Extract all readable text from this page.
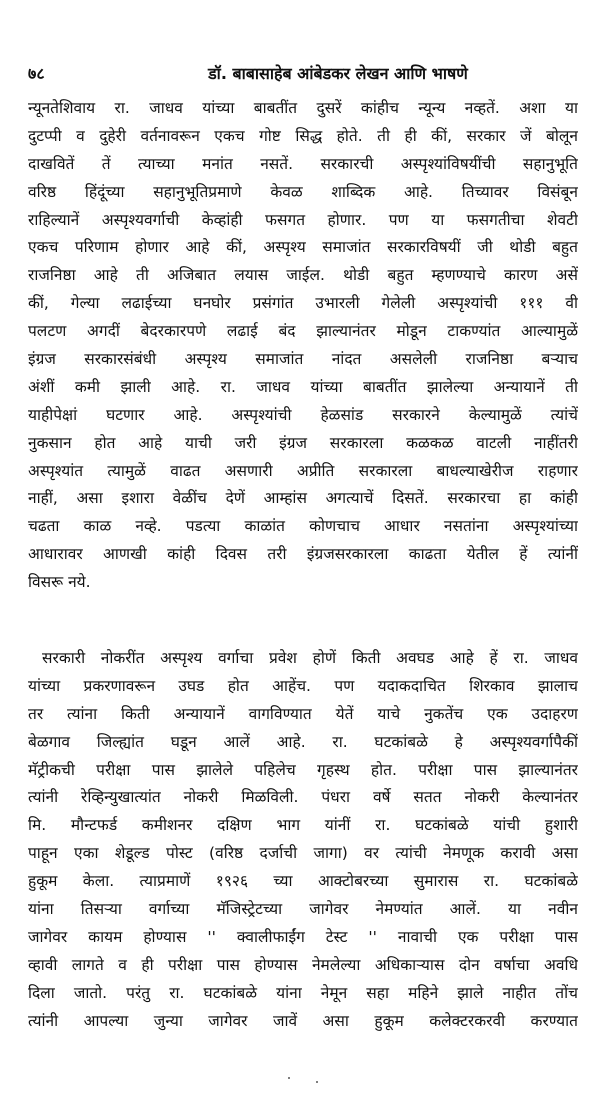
७८	डॉ. बाबासाहेब आंबेडकर लेखन आणि भाषणे
न्यूनतेशिवाय रा. जाधव यांच्या बाबतींत दुसरें कांहीच न्यून्य नव्हतें. अशा या
दुटप्पी व दुहेरी वर्तनावरून एकच गोष्ट सिद्ध होते. ती ही कीं, सरकार जें बोलून
दाखवितें तें त्याच्या मनांत नसतें. सरकारची अस्पृश्यांविषयींची सहानुभूति
वरिष्ठ हिंदूंच्या सहानुभूतिप्रमाणे केवळ शाब्दिक आहे. तिच्यावर विसंबून
राहिल्यानें अस्पृश्यवर्गाची केव्हांही फसगत होणार. पण या फसगतीचा शेवटी
एकच परिणाम होणार आहे कीं, अस्पृश्य समाजांत सरकारविषयीं जी थोडी बहुत
राजनिष्ठा आहे ती अजिबात लयास जाईल. थोडी बहुत म्हणण्याचे कारण असें
कीं, गेल्या लढाईच्या घनघोर प्रसंगांत उभारली गेलेली अस्पृश्यांची १११ वी
पलटण अगदीं बेदरकारपणे लढाई बंद झाल्यानंतर मोडून टाकण्यांत आल्यामुळें
इंग्रज सरकारसंबंधी अस्पृश्य समाजांत नांदत असलेली राजनिष्ठा बऱ्याच
अंशीं कमी झाली आहे. रा. जाधव यांच्या बाबतींत झालेल्या अन्यायानें ती
याहीपेक्षां घटणार आहे. अस्पृश्यांची हेळसांड सरकारने केल्यामुळें त्यांचें
नुकसान होत आहे याची जरी इंग्रज सरकारला कळकळ वाटली नाहींतरी
अस्पृश्यांत त्यामुळें वाढत असणारी अप्रीति सरकारला बाधल्याखेरीज राहणार
नाहीं, असा इशारा वेळींच देणें आम्हांस अगत्याचें दिसतें. सरकारचा हा कांही
चढता काळ नव्हे. पडत्या काळांत कोणचाच आधार नसतांना अस्पृश्यांच्या
आधारावर आणखी कांही दिवस तरी इंग्रजसरकारला काढता येतील हें त्यांनीं
विसरू नये.
सरकारी नोकरींत अस्पृश्य वर्गाचा प्रवेश होणें किती अवघड आहे हें रा. जाधव
यांच्या प्रकरणावरून उघड होत आहेंच. पण यदाकदाचित शिरकाव झालाच
तर त्यांना किती अन्यायानें वागविण्यात येतें याचे नुकतेंच एक उदाहरण
बेळगाव जिल्ह्यांत घडून आलें आहे. रा. घटकांबळे हे अस्पृश्यवर्गापैकीं
मॅट्रीकची परीक्षा पास झालेले पहिलेच गृहस्थ होत. परीक्षा पास झाल्यानंतर
त्यांनी रेव्हिन्युखात्यांत नोकरी मिळविली. पंधरा वर्षे सतत नोकरी केल्यानंतर
मि. मौन्टफर्ड कमीशनर दक्षिण भाग यांनीं रा. घटकांबळे यांची हुशारी
पाहून एका शेडूल्ड पोस्ट (वरिष्ठ दर्जाची जागा) वर त्यांची नेमणूक करावी असा
हुकूम केला. त्याप्रमाणें १९२६ च्या आक्टोबरच्या सुमारास रा. घटकांबळे
यांना तिसऱ्या वर्गाच्या मॅजिस्ट्रेटच्या जागेवर नेमण्यांत आलें. या नवीन
जागेवर कायम होण्यास '' क्वालीफाईंग टेस्ट '' नावाची एक परीक्षा पास
व्हावी लागते व ही परीक्षा पास होण्यास नेमलेल्या अधिकाऱ्यास दोन वर्षाचा अवधि
दिला जातो. परंतु रा. घटकांबळे यांना नेमून सहा महिने झाले नाहीत तोंच
त्यांनी आपल्या जुन्या जागेवर जावें असा हुकूम कलेक्टरकरवी करण्यात
